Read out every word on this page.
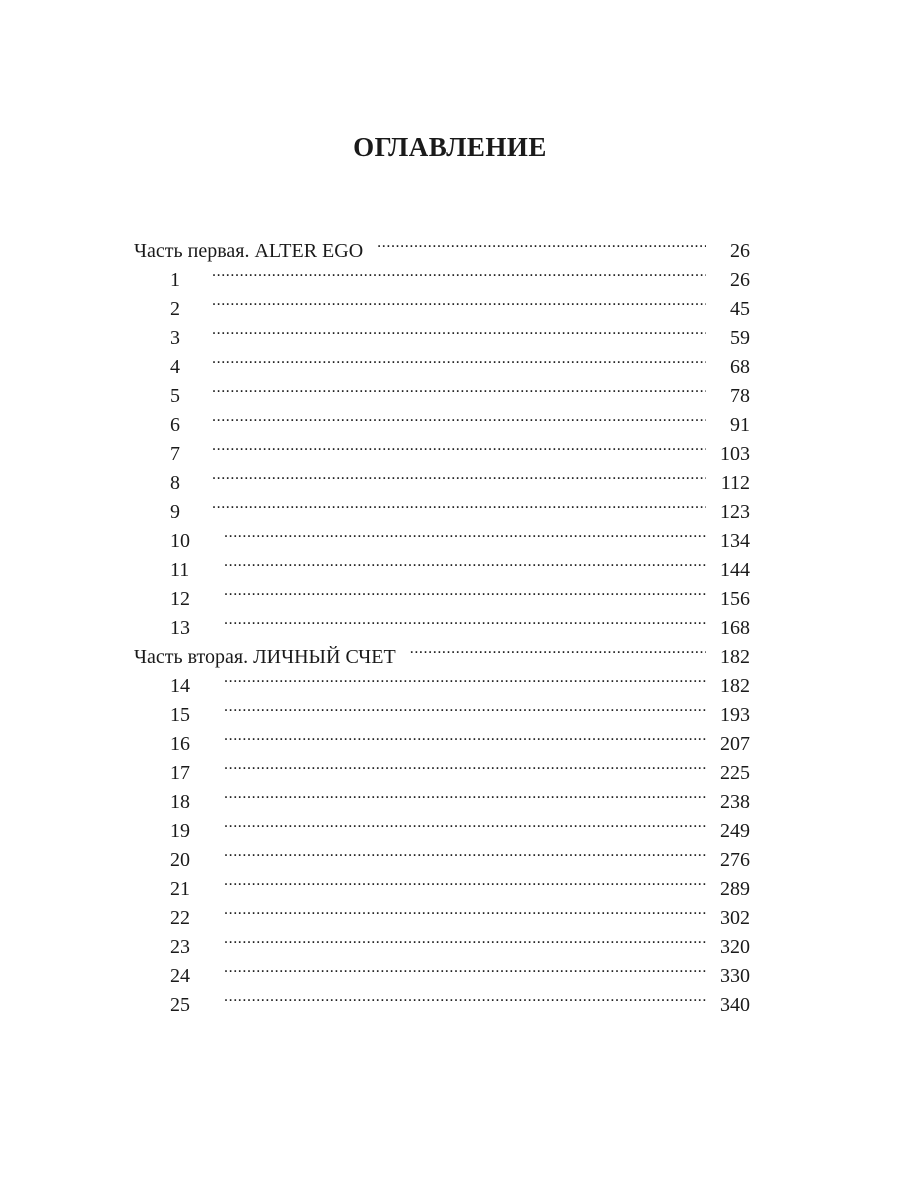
ОГЛАВЛЕНИЕ
Часть первая. ALTER EGO .....	26
1 .....	26
2 .....	45
3 .....	59
4 .....	68
5 .....	78
6 .....	91
7 .....	103
8 .....	112
9 .....	123
10 .....	134
11 .....	144
12 .....	156
13 .....	168
Часть вторая. ЛИЧНЫЙ СЧЕТ .....	182
14 .....	182
15 .....	193
16 .....	207
17 .....	225
18 .....	238
19 .....	249
20 .....	276
21 .....	289
22 .....	302
23 .....	320
24 .....	330
25 .....	340
